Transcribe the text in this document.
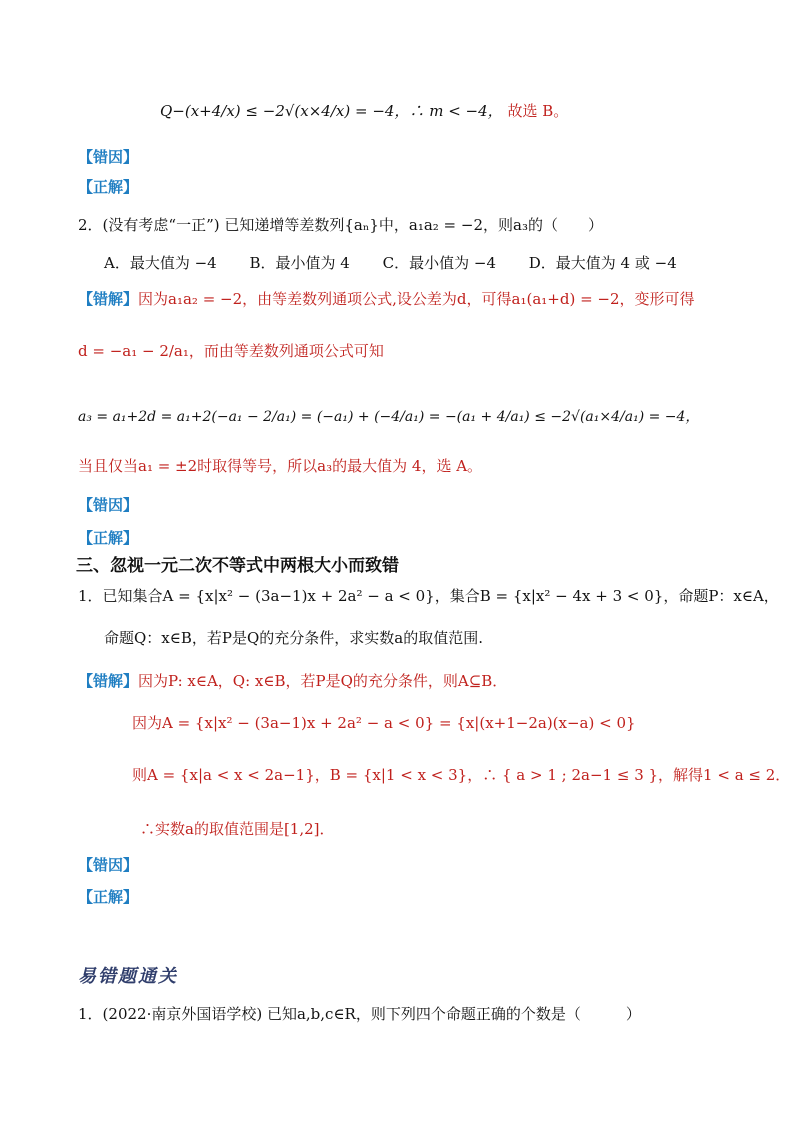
Q−(x+4/x) ≤ −2√(x×4/x) = −4，∴ m < −4， 故选 B。
【错因】
【正解】
2．(没有考虑“一正”) 已知递增等差数列{aₙ}中，a₁a₂ = −2，则a₃的（　　）
A．最大值为 −4 B．最小值为 4 C．最小值为 −4 D．最大值为 4 或 −4
【错解】因为a₁a₂ = −2，由等差数列通项公式,设公差为d，可得a₁(a₁+d) = −2，变形可得
d = −a₁ − 2/a₁，而由等差数列通项公式可知
a₃ = a₁+2d = a₁+2(−a₁ − 2/a₁) = (−a₁) + (−4/a₁) = −(a₁ + 4/a₁) ≤ −2√(a₁×4/a₁) = −4，
当且仅当a₁ = ±2时取得等号，所以a₃的最大值为 4，选 A。
【错因】
【正解】
三、忽视一元二次不等式中两根大小而致错
1．已知集合A = {x|x² − (3a−1)x + 2a² − a < 0}，集合B = {x|x² − 4x + 3 < 0}，命题P：x∈A，
命题Q：x∈B，若P是Q的充分条件，求实数a的取值范围.
【错解】因为P: x∈A，Q: x∈B，若P是Q的充分条件，则A⊆B．
因为A = {x|x² − (3a−1)x + 2a² − a < 0} = {x|(x+1−2a)(x−a) < 0}
则A = {x|a < x < 2a−1}，B = {x|1 < x < 3}，∴ { a > 1 ; 2a−1 ≤ 3 }，解得1 < a ≤ 2．
∴实数a的取值范围是[1,2]．
【错因】
【正解】
易错题通关
1．(2022·南京外国语学校) 已知a,b,c∈R，则下列四个命题正确的个数是（　　　）
